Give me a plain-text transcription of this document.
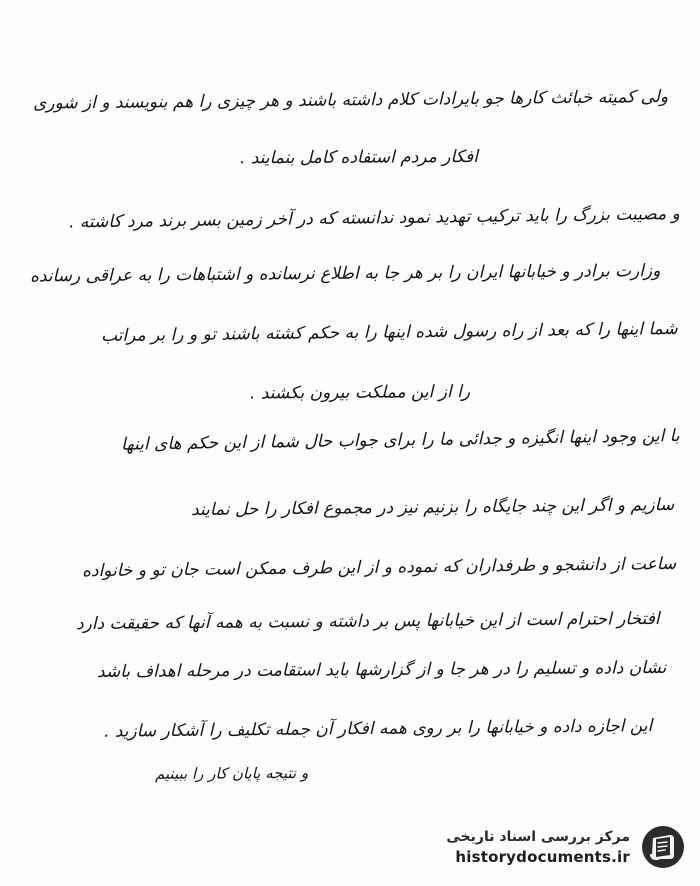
ولی کمیته خبائث کارها جو بایرادات کلام داشته باشند و هر چیزی را هم بنویسند و از شوری
افکار مردم استفاده کامل بنمایند .
و مصیبت بزرگ را باید ترکیب تهدید نمود ندانسته که در آخر زمین بسر برند مرد کاشته .
وزارت برادر و خیابانها ایران را بر هر جا به اطلاع نرسانده و اشتباهات را به عراقی رسانده
شما اینها را که بعد از راه رسول شده اینها را به حکم کشته باشند تو و را بر مراتب
را از این مملکت بیرون بکشند .
با این وجود اینها انگیزه و جدائی ما را برای جواب حال شما از این حکم های اینها
سازیم و اگر این چند جایگاه را بزنیم نیز در مجموع افکار را حل نمایند
ساعت از دانشجو و طرفداران که نموده و از این طرف ممکن است جان تو و خانواده
افتخار احترام است از این خیابانها پس بر داشته و نسبت به همه آنها که حقیقت دارد
نشان داده و تسلیم را در هر جا و از گزارشها باید استقامت در مرحله اهداف باشد
این اجازه داده و خیابانها را بر روی همه افکار آن جمله تکلیف را آشکار سازید .
و نتیجه پایان کار را ببینیم
مرکز بررسی اسناد تاریخی
historydocuments.ir
